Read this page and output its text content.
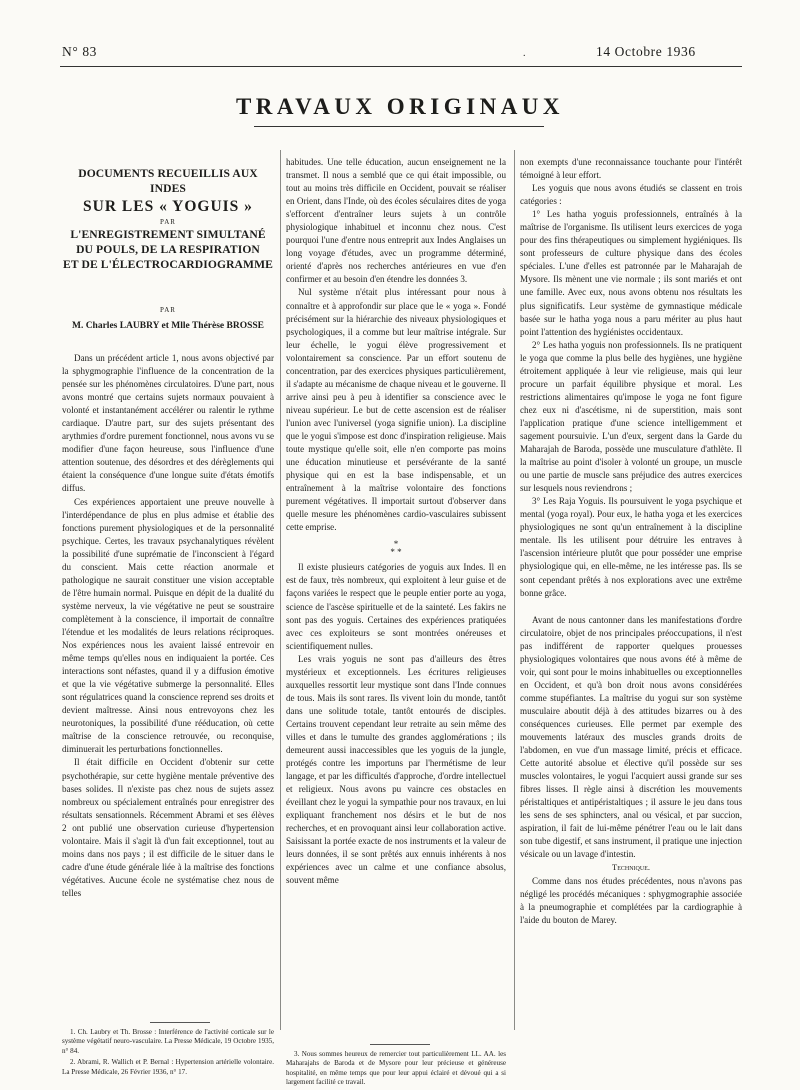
N° 83	.	14 Octobre 1936
TRAVAUX ORIGINAUX
DOCUMENTS RECUEILLIS AUX INDES
SUR LES « YOGUIS »
PAR
L'ENREGISTREMENT SIMULTANÉ
DU POULS, DE LA RESPIRATION
ET DE L'ÉLECTROCARDIOGRAMME
PAR
M. Charles LAUBRY et Mlle Thérèse BROSSE

Dans un précédent article 1, nous avons objectivé par la sphygmographie l'influence de la concentration de la pensée sur les phénomènes circulatoires. D'une part, nous avons montré que certains sujets normaux pouvaient à volonté et instantanément accélérer ou ralentir le rythme cardiaque. D'autre part, sur des sujets présentant des arythmies d'ordre purement fonctionnel, nous avons vu se modifier d'une façon heureuse, sous l'influence d'une attention soutenue, des désordres et des dérèglements qui étaient la conséquence d'une longue suite d'états émotifs diffus.

Ces expériences apportaient une preuve nouvelle à l'interdépendance de plus en plus admise et établie des fonctions purement physiologiques et de la personnalité psychique. Certes, les travaux psychanalytiques révèlent la possibilité d'une suprématie de l'inconscient à l'égard du conscient. Mais cette réaction anormale et pathologique ne saurait constituer une vision acceptable de l'être humain normal. Puisque en dépit de la dualité du système nerveux, la vie végétative ne peut se soustraire complètement à la conscience, il importait de connaître l'étendue et les modalités de leurs relations réciproques. Nos expériences nous les avaient laissé entrevoir en même temps qu'elles nous en indiquaient la portée. Ces interactions sont néfastes, quand il y a diffusion émotive et que la vie végétative submerge la personnalité. Elles sont régulatrices quand la conscience reprend ses droits et devient maîtresse. Ainsi nous entrevoyons chez les neurotoniques, la possibilité d'une rééducation, où cette maîtrise de la conscience retrouvée, ou reconquise, diminuerait les perturbations fonctionnelles.

Il était difficile en Occident d'obtenir sur cette psychothérapie, sur cette hygiène mentale préventive des bases solides. Il n'existe pas chez nous de sujets assez nombreux ou spécialement entraînés pour enregistrer des résultats sensationnels. Récemment Abrami et ses élèves 2 ont publié une observation curieuse d'hypertension volontaire. Mais il s'agit là d'un fait exceptionnel, tout au moins dans nos pays ; il est difficile de le situer dans le cadre d'une étude générale liée à la maîtrise des fonctions végétatives. Aucune école ne systématise chez nous de telles

habitudes. Une telle éducation, aucun enseignement ne la transmet. Il nous a semblé que ce qui était impossible, ou tout au moins très difficile en Occident, pouvait se réaliser en Orient, dans l'Inde, où des écoles séculaires dites de yoga s'efforcent d'entraîner leurs sujets à un contrôle physiologique inhabituel et inconnu chez nous. C'est pourquoi l'une d'entre nous entreprit aux Indes Anglaises un long voyage d'études, avec un programme déterminé, orienté d'après nos recherches antérieures en vue d'en confirmer et au besoin d'en étendre les données 3.

Nul système n'était plus intéressant pour nous à connaître et à approfondir sur place que le « yoga ». Fondé précisément sur la hiérarchie des niveaux physiologiques et psychologiques, il a comme but leur maîtrise intégrale. Sur leur échelle, le yogui élève progressivement et volontairement sa conscience. Par un effort soutenu de concentration, par des exercices physiques particulièrement, il s'adapte au mécanisme de chaque niveau et le gouverne. Il arrive ainsi peu à peu à identifier sa conscience avec le niveau supérieur. Le but de cette ascension est de réaliser l'union avec l'universel (yoga signifie union). La discipline que le yogui s'impose est donc d'inspiration religieuse. Mais toute mystique qu'elle soit, elle n'en comporte pas moins une éducation minutieuse et persévérante de la santé physique qui en est la base indispensable, et un entraînement à la maîtrise volontaire des fonctions purement végétatives. Il importait surtout d'observer dans quelle mesure les phénomènes cardio-vasculaires subissent cette emprise.

*
* *

Il existe plusieurs catégories de yoguis aux Indes. Il en est de faux, très nombreux, qui exploitent à leur guise et de façons variées le respect que le peuple entier porte au yoga, science de l'ascèse spirituelle et de la sainteté. Les fakirs ne sont pas des yoguis. Certaines des expériences pratiquées avec ces exploiteurs se sont montrées onéreuses et scientifiquement nulles.

Les vrais yoguis ne sont pas d'ailleurs des êtres mystérieux et exceptionnels. Les écritures religieuses auxquelles ressortit leur mystique sont dans l'Inde connues de tous. Mais ils sont rares. Ils vivent loin du monde, tantôt dans une solitude totale, tantôt entourés de disciples. Certains trouvent cependant leur retraite au sein même des villes et dans le tumulte des grandes agglomérations ; ils demeurent aussi inaccessibles que les yoguis de la jungle, protégés contre les importuns par l'hermétisme de leur langage, et par les difficultés d'approche, d'ordre intellectuel et religieux. Nous avons pu vaincre ces obstacles en éveillant chez le yogui la sympathie pour nos travaux, en lui expliquant franchement nos désirs et le but de nos recherches, et en provoquant ainsi leur collaboration active. Saisissant la portée exacte de nos instruments et la valeur de leurs données, il se sont prêtés aux ennuis inhérents à nos expériences avec un calme et une confiance absolus, souvent même

non exempts d'une reconnaissance touchante pour l'intérêt témoigné à leur effort.

Les yoguis que nous avons étudiés se classent en trois catégories :

1° Les hatha yoguis professionnels, entraînés à la maîtrise de l'organisme. Ils utilisent leurs exercices de yoga pour des fins thérapeutiques ou simplement hygiéniques. Ils sont professeurs de culture physique dans des écoles spéciales. L'une d'elles est patronnée par le Maharajah de Mysore. Ils mènent une vie normale ; ils sont mariés et ont une famille. Avec eux, nous avons obtenu nos résultats les plus significatifs. Leur système de gymnastique médicale basée sur le hatha yoga nous a paru mériter au plus haut point l'attention des hygiénistes occidentaux.

2° Les hatha yoguis non professionnels. Ils ne pratiquent le yoga que comme la plus belle des hygiènes, une hygiène étroitement appliquée à leur vie religieuse, mais qui leur procure un parfait équilibre physique et moral. Les restrictions alimentaires qu'impose le yoga ne font figure chez eux ni d'ascétisme, ni de superstition, mais sont l'application pratique d'une science intelligemment et sagement poursuivie. L'un d'eux, sergent dans la Garde du Maharajah de Baroda, possède une musculature d'athlète. Il la maîtrise au point d'isoler à volonté un groupe, un muscle ou une partie de muscle sans préjudice des autres exercices sur lesquels nous reviendrons ;

3° Les Raja Yoguis. Ils poursuivent le yoga psychique et mental (yoga royal). Pour eux, le hatha yoga et les exercices physiologiques ne sont qu'un entraînement à la discipline mentale. Ils les utilisent pour détruire les entraves à l'ascension intérieure plutôt que pour posséder une emprise physiologique qui, en elle-même, ne les intéresse pas. Ils se sont cependant prêtés à nos explorations avec une extrême bonne grâce.

Avant de nous cantonner dans les manifestations d'ordre circulatoire, objet de nos principales préoccupations, il n'est pas indifférent de rapporter quelques prouesses physiologiques volontaires que nous avons été à même de voir, qui sont pour le moins inhabituelles ou exceptionnelles en Occident, et qu'à bon droit nous avons considérées comme stupéfiantes. La maîtrise du yogui sur son système musculaire aboutit déjà à des attitudes bizarres ou à des conséquences curieuses. Elle permet par exemple des mouvements latéraux des muscles grands droits de l'abdomen, en vue d'un massage limité, précis et efficace. Cette autorité absolue et élective qu'il possède sur ses muscles volontaires, le yogui l'acquiert aussi grande sur ses fibres lisses. Il règle ainsi à discrétion les mouvements péristaltiques et antipéristaltiques ; il assure le jeu dans tous les sens de ses sphincters, anal ou vésical, et par succion, aspiration, il fait de lui-même pénétrer l'eau ou le lait dans son tube digestif, et sans instrument, il pratique une injection vésicale ou un lavage d'intestin.

Technique.

Comme dans nos études précédentes, nous n'avons pas négligé les procédés mécaniques : sphygmographie associée à la pneumographie et complétées par la cardiographie à l'aide du bouton de Marey.

1. Ch. Laubry et Th. Brosse : Interférence de l'activité corticale sur le système végétatif neuro-vasculaire. La Presse Médicale, 19 Octobre 1935, n° 84.

2. Abrami, R. Wallich et P. Bernal : Hypertension artérielle volontaire. La Presse Médicale, 26 Février 1936, n° 17.

3. Nous sommes heureux de remercier tout particulièrement LL. AA. les Maharajahs de Baroda et de Mysore pour leur précieuse et généreuse hospitalité, en même temps que pour leur appui éclairé et dévoué qui a si largement facilité ce travail.
